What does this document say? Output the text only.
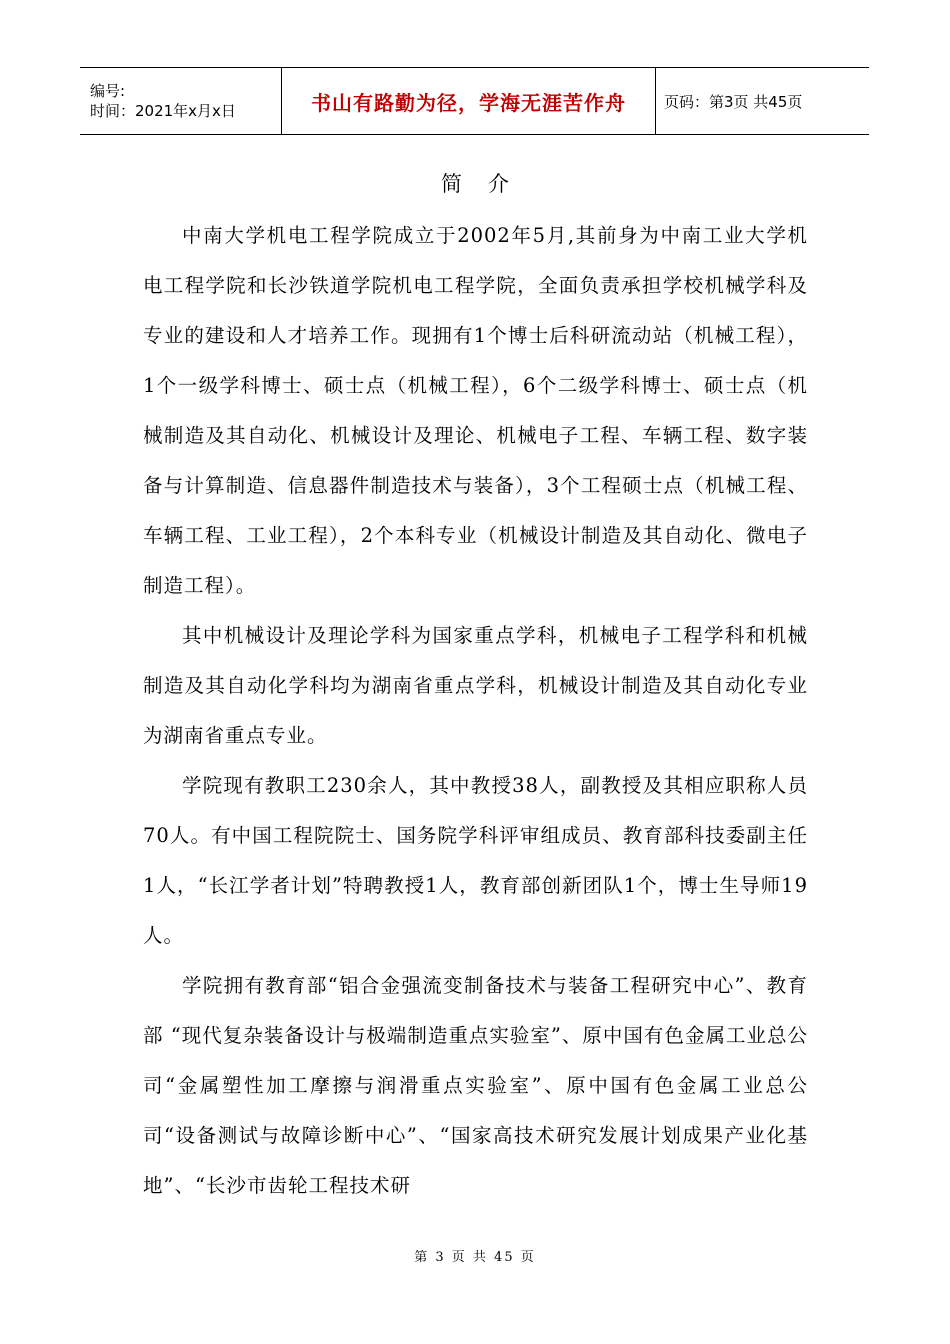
编号:
时间：2021年x月x日	书山有路勤为径，学海无涯苦作舟	页码：第3页 共45页
简介

中南大学机电工程学院成立于2002年5月,其前身为中南工业大学机电工程学院和长沙铁道学院机电工程学院，全面负责承担学校机械学科及专业的建设和人才培养工作。现拥有1个博士后科研流动站（机械工程），1个一级学科博士、硕士点（机械工程），6个二级学科博士、硕士点（机械制造及其自动化、机械设计及理论、机械电子工程、车辆工程、数字装备与计算制造、信息器件制造技术与装备），3个工程硕士点（机械工程、车辆工程、工业工程），2个本科专业（机械设计制造及其自动化、微电子制造工程）。

其中机械设计及理论学科为国家重点学科，机械电子工程学科和机械制造及其自动化学科均为湖南省重点学科，机械设计制造及其自动化专业为湖南省重点专业。

学院现有教职工230余人，其中教授38人，副教授及其相应职称人员70人。有中国工程院院士、国务院学科评审组成员、教育部科技委副主任1人，“长江学者计划”特聘教授1人，教育部创新团队1个，博士生导师19人。

学院拥有教育部“铝合金强流变制备技术与装备工程研究中心”、教育部 “现代复杂装备设计与极端制造重点实验室”、原中国有色金属工业总公司“金属塑性加工摩擦与润滑重点实验室”、原中国有色金属工业总公司“设备测试与故障诊断中心”、“国家高技术研究发展计划成果产业化基地”、“长沙市齿轮工程技术研

第 3 页 共 45 页
